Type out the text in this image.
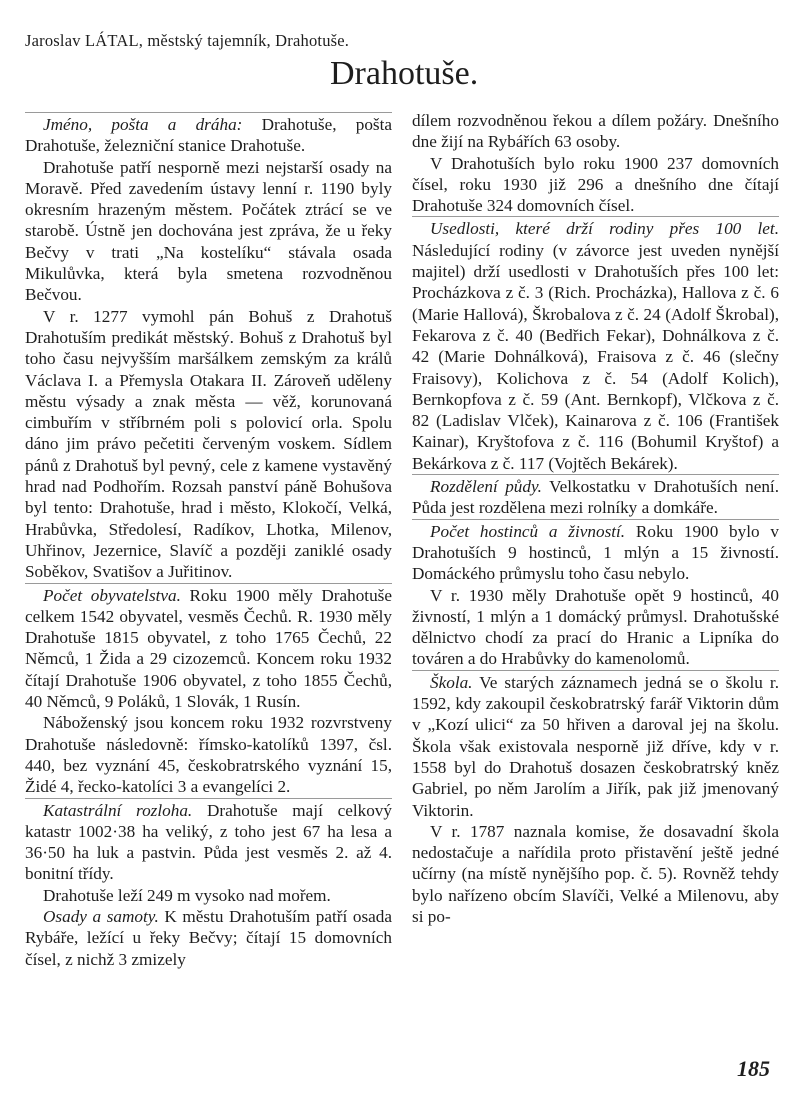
Jaroslav LÁTAL, městský tajemník, Drahotuše.
Drahotuše.

Jméno, pošta a dráha: Drahotuše, pošta Drahotuše, železniční stanice Drahotuše.

Drahotuše patří nesporně mezi nejstarší osady na Moravě. Před zavedením ústavy lenní r. 1190 byly okresním hrazeným městem. Počátek ztrácí se ve starobě. Ústně jen dochována jest zpráva, že u řeky Bečvy v trati „Na kostelíku“ stávala osada Mikulůvka, která byla smetena rozvodněnou Bečvou.

V r. 1277 vymohl pán Bohuš z Drahotuš Drahotuším predikát městský. Bohuš z Drahotuš byl toho času nejvyšším maršálkem zemským za králů Václava I. a Přemysla Otakara II. Zároveň uděleny městu výsady a znak města — věž, korunovaná cimbuřím v stříbrném poli s polovicí orla. Spolu dáno jim právo pečetiti červeným voskem. Sídlem pánů z Drahotuš byl pevný, cele z kamene vystavěný hrad nad Podhořím. Rozsah panství páně Bohušova byl tento: Drahotuše, hrad i město, Klokočí, Velká, Hrabůvka, Středolesí, Radíkov, Lhotka, Milenov, Uhřinov, Jezernice, Slavíč a později zaniklé osady Soběkov, Svatišov a Juřitinov.

Počet obyvatelstva. Roku 1900 měly Drahotuše celkem 1542 obyvatel, vesměs Čechů. R. 1930 měly Drahotuše 1815 obyvatel, z toho 1765 Čechů, 22 Němců, 1 Žida a 29 cizozemců. Koncem roku 1932 čítají Drahotuše 1906 obyvatel, z toho 1855 Čechů, 40 Němců, 9 Poláků, 1 Slovák, 1 Rusín.

Náboženský jsou koncem roku 1932 rozvrstveny Drahotuše následovně: římsko-katolíků 1397, čsl. 440, bez vyznání 45, českobratrského vyznání 15, Židé 4, řecko-katolíci 3 a evangelíci 2.

Katastrální rozloha. Drahotuše mají celkový katastr 1002·38 ha veliký, z toho jest 67 ha lesa a 36·50 ha luk a pastvin. Půda jest vesměs 2. až 4. bonitní třídy.

Drahotuše leží 249 m vysoko nad mořem.

Osady a samoty. K městu Drahotuším patří osada Rybáře, ležící u řeky Bečvy; čítají 15 domovních čísel, z nichž 3 zmizely

dílem rozvodněnou řekou a dílem požáry. Dnešního dne žijí na Rybářích 63 osoby.

V Drahotuších bylo roku 1900 237 domovních čísel, roku 1930 již 296 a dnešního dne čítají Drahotuše 324 domovních čísel.

Usedlosti, které drží rodiny přes 100 let. Následující rodiny (v závorce jest uveden nynější majitel) drží usedlosti v Drahotuších přes 100 let: Procházkova z č. 3 (Rich. Procházka), Hallova z č. 6 (Marie Hallová), Škrobalova z č. 24 (Adolf Škrobal), Fekarova z č. 40 (Bedřich Fekar), Dohnálkova z č. 42 (Marie Dohnálková), Fraisova z č. 46 (slečny Fraisovy), Kolichova z č. 54 (Adolf Kolich), Bernkopfova z č. 59 (Ant. Bernkopf), Vlčkova z č. 82 (Ladislav Vlček), Kainarova z č. 106 (František Kainar), Kryštofova z č. 116 (Bohumil Kryštof) a Bekárkova z č. 117 (Vojtěch Bekárek).

Rozdělení půdy. Velkostatku v Drahotuších není. Půda jest rozdělena mezi rolníky a domkáře.

Počet hostinců a živností. Roku 1900 bylo v Drahotuších 9 hostinců, 1 mlýn a 15 živností. Domáckého průmyslu toho času nebylo.

V r. 1930 měly Drahotuše opět 9 hostinců, 40 živností, 1 mlýn a 1 domácký průmysl. Drahotušské dělnictvo chodí za prací do Hranic a Lipníka do továren a do Hrabůvky do kamenolomů.

Škola. Ve starých záznamech jedná se o školu r. 1592, kdy zakoupil českobratrský farář Viktorin dům v „Kozí ulici“ za 50 hřiven a daroval jej na školu. Škola však existovala nesporně již dříve, kdy v r. 1558 byl do Drahotuš dosazen českobratrský kněz Gabriel, po něm Jarolím a Jiřík, pak již jmenovaný Viktorin.

V r. 1787 naznala komise, že dosavadní škola nedostačuje a nařídila proto přistavění ještě jedné učírny (na místě nynějšího pop. č. 5). Rovněž tehdy bylo nařízeno obcím Slavíči, Velké a Milenovu, aby si po-

185
